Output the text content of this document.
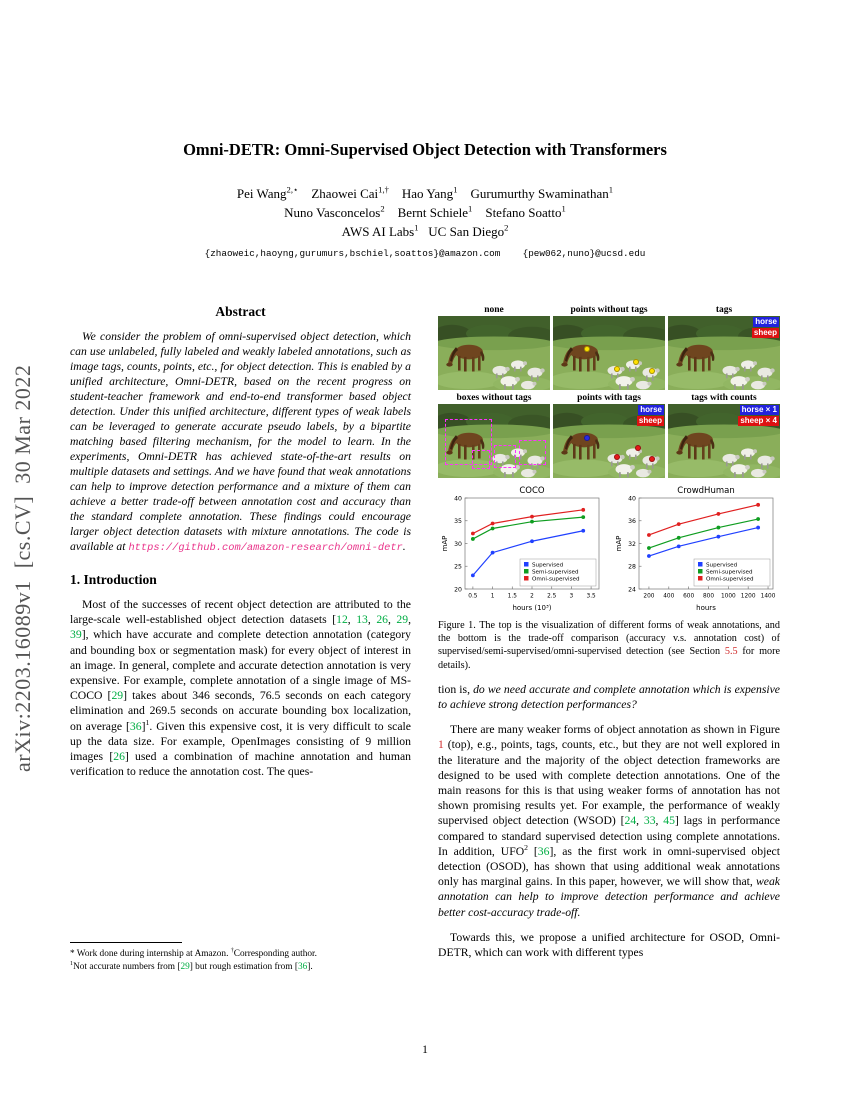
arXiv:2203.16089v1  [cs.CV]  30 Mar 2022
Omni-DETR: Omni-Supervised Object Detection with Transformers
Pei Wang$^{2,⋆}$    Zhaowei Cai$^{1,\dagger}$    Hao Yang$^1$    Gurumurthy Swaminathan$^1$
Nuno Vasconcelos$^2$    Bernt Schiele$^1$    Stefano Soatto$^1$
AWS AI Labs$^1$   UC San Diego$^2$
{zhaoweic,haoyng,gurumurs,bschiel,soattos}@amazon.com    {pew062,nuno}@ucsd.edu
Abstract

We consider the problem of omni-supervised object detection, which can use unlabeled, fully labeled and weakly labeled annotations, such as image tags, counts, points, etc., for object detection. This is enabled by a unified architecture, Omni-DETR, based on the recent progress on student-teacher framework and end-to-end transformer based object detection. Under this unified architecture, different types of weak labels can be leveraged to generate accurate pseudo labels, by a bipartite matching based filtering mechanism, for the model to learn. In the experiments, Omni-DETR has achieved state-of-the-art results on multiple datasets and settings. And we have found that weak annotations can help to improve detection performance and a mixture of them can achieve a better trade-off between annotation cost and accuracy than the standard complete annotation. These findings could encourage larger object detection datasets with mixture annotations. The code is available at https://github.com/amazon-research/omni-detr.

1. Introduction

Most of the successes of recent object detection are attributed to the large-scale well-established object detection datasets [12, 13, 26, 29, 39], which have accurate and complete detection annotation (category and bounding box or segmentation mask) for every object of interest in an image. In general, complete and accurate detection annotation is very expensive. For example, complete annotation of a single image of MS-COCO [29] takes about 346 seconds, 76.5 seconds on each category elimination and 269.5 seconds on accurate bounding box localization, on average $[36]^1$. Given this expensive cost, it is very difficult to scale up the data size. For example, OpenImages consisting of 9 million images [26] used a combination of machine annotation and human verification to reduce the annotation cost. The ques-

none	points without tags	tags
horse
sheep
boxes without tags	points with tags
horse
sheep
tags with counts
horse × 1
sheep × 4
COCO
20
25
30
35
40
0.5 1 1.5 2 2.5 3 3.5
mAP
hours (10³)
Supervised
Semi-supervised
Omni-supervised
CrowdHuman
24
28
32
36
40
200 400 600 800 1000 1200 1400
mAP
hours
Supervised
Semi-supervised
Omni-supervised

Figure 1. The top is the visualization of different forms of weak annotations, and the bottom is the trade-off comparison (accuracy v.s. annotation cost) of supervised/semi-supervised/omni-supervised detection (see Section 5.5 for more details).

tion is, do we need accurate and complete annotation which is expensive to achieve strong detection performances?

There are many weaker forms of object annotation as shown in Figure 1 (top), e.g., points, tags, counts, etc., but they are not well explored in the literature and the majority of the object detection frameworks are designed to be used with complete detection annotations. One of the main reasons for this is that using weaker forms of annotation has not shown promising results yet. For example, the performance of weakly supervised object detection (WSOD) [24, 33, 45] lags in performance compared to standard supervised detection using complete annotations. In addition, UFO$^2$ [36], as the first work in omni-supervised object detection (OSOD), has shown that using additional weak annotations only has marginal gains. In this paper, however, we will show that, weak annotation can help to improve detection performance and achieve better cost-accuracy trade-off.

Towards this, we propose a unified architecture for OSOD, Omni-DETR, which can work with different types

* Work done during internship at Amazon. †Corresponding author.
$^1$Not accurate numbers from [29] but rough estimation from [36].
1
